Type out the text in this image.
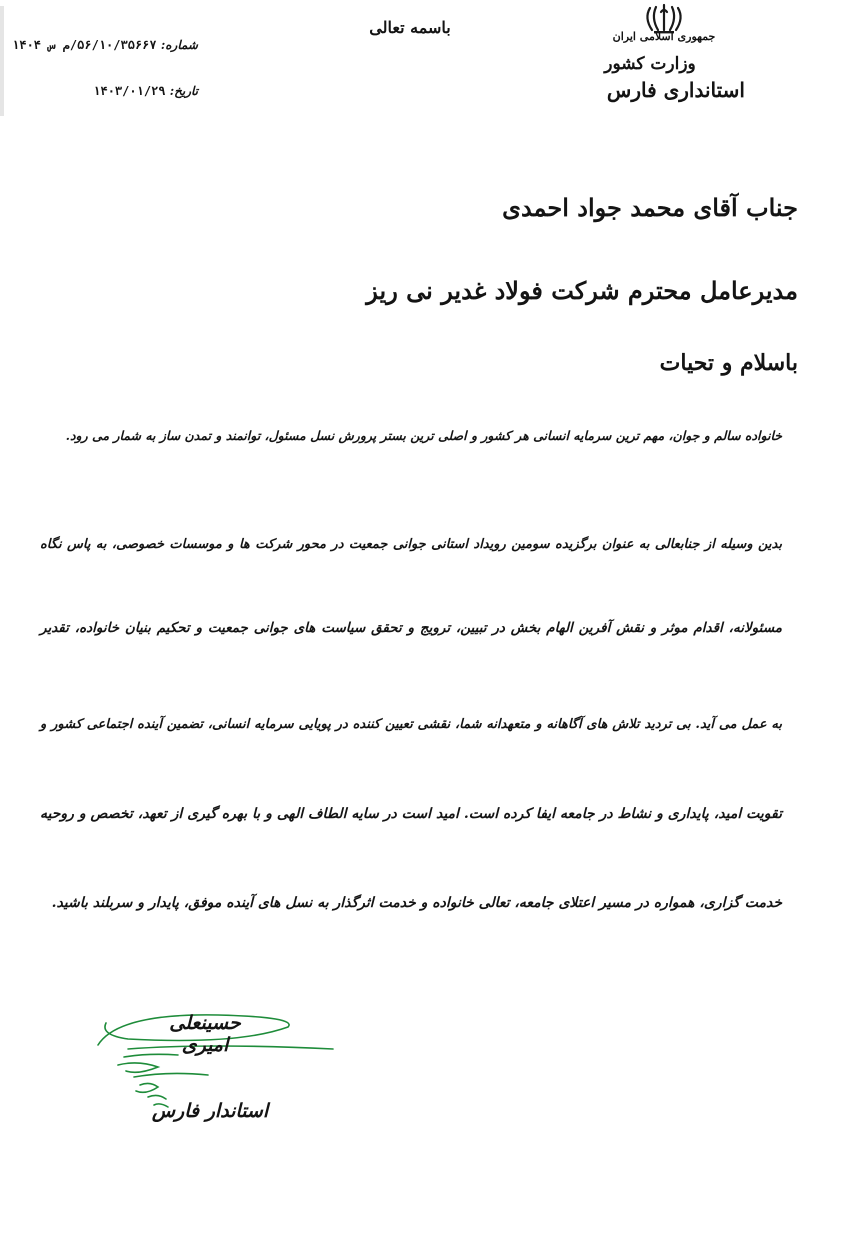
جمهوری اسلامی ایران
وزارت کشور
استانداری فارس
باسمه تعالی
شماره: ۵۶/۱۰/۳۵۶۶۷/م س ۱۴۰۴
تاریخ: ۱۴۰۳/۰۱/۲۹
جناب آقای محمد جواد احمدی
مدیرعامل محترم شرکت فولاد غدیر نی ریز
باسلام و تحیات
خانواده سالم و جوان، مهم ترین سرمایه انسانی هر کشور و اصلی ترین بستر پرورش نسل مسئول، توانمند و تمدن ساز به شمار می رود.
بدین وسیله از جنابعالی به عنوان برگزیده سومین رویداد استانی جوانی جمعیت در محور شرکت ها و موسسات خصوصی، به پاس نگاه
مسئولانه، اقدام موثر و نقش آفرین الهام بخش در تبیین، ترویج و تحقق سیاست های جوانی جمعیت و تحکیم بنیان خانواده، تقدیر
به عمل می آید. بی تردید تلاش های آگاهانه و متعهدانه شما، نقشی تعیین کننده در پویایی سرمایه انسانی، تضمین آینده اجتماعی کشور و
تقویت امید، پایداری و نشاط در جامعه ایفا کرده است. امید است در سایه الطاف الهی و با بهره گیری از تعهد، تخصص و روحیه
خدمت گزاری، همواره در مسیر اعتلای جامعه، تعالی خانواده و خدمت اثرگذار به نسل های آینده موفق، پایدار و سربلند باشید.
حسینعلی امیری
استاندار فارس
